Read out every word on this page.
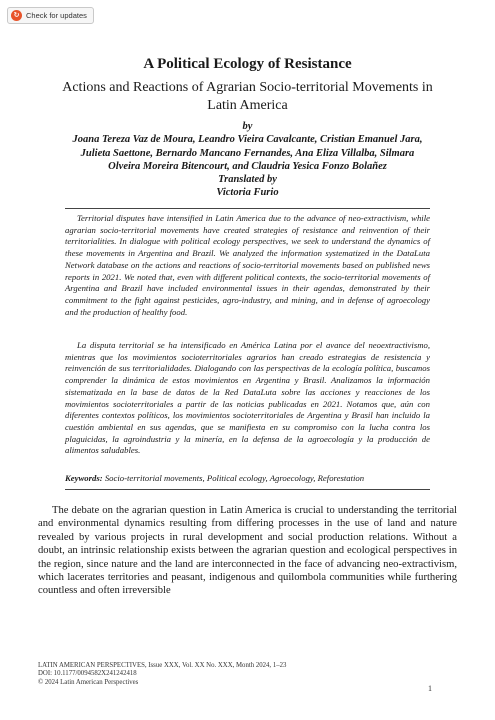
↻ Check for updates
A Political Ecology of Resistance
Actions and Reactions of Agrarian Socio-territorial Movements in Latin America
by
Joana Tereza Vaz de Moura, Leandro Vieira Cavalcante, Cristian Emanuel Jara,
Julieta Saettone, Bernardo Mancano Fernandes, Ana Eliza Villalba, Silmara
Olveira Moreira Bitencourt, and Claudria Yesica Fonzo Bolañez
Translated by
Victoria Furio

Territorial disputes have intensified in Latin America due to the advance of neo-extractivism, while agrarian socio-territorial movements have created strategies of resistance and reinvention of their territorialities. In dialogue with political ecology perspectives, we seek to understand the dynamics of these movements in Argentina and Brazil. We analyzed the information systematized in the DataLuta Network database on the actions and reactions of socio-territorial movements based on published news reports in 2021. We noted that, even with different political contexts, the socio-territorial movements of Argentina and Brazil have included environmental issues in their agendas, demonstrated by their commitment to the fight against pesticides, agro-industry, and mining, and in defense of agroecology and the production of healthy food.

La disputa territorial se ha intensificado en América Latina por el avance del neoextractivismo, mientras que los movimientos socioterritoriales agrarios han creado estrategias de resistencia y reinvención de sus territorialidades. Dialogando con las perspectivas de la ecología política, buscamos comprender la dinámica de estos movimientos en Argentina y Brasil. Analizamos la información sistematizada en la base de datos de la Red DataLuta sobre las acciones y reacciones de los movimientos socioterritoriales a partir de las noticias publicadas en 2021. Notamos que, aún con diferentes contextos políticos, los movimientos socioterritoriales de Argentina y Brasil han incluido la cuestión ambiental en sus agendas, que se manifiesta en su compromiso con la lucha contra los plaguicidas, la agroindustria y la minería, en la defensa de la agroecología y la producción de alimentos saludables.

Keywords: Socio-territorial movements, Political ecology, Agroecology, Reforestation

The debate on the agrarian question in Latin America is crucial to understanding the territorial and environmental dynamics resulting from differing processes in the use of land and nature revealed by various projects in rural development and social production relations. Without a doubt, an intrinsic relationship exists between the agrarian question and ecological perspectives in the region, since nature and the land are interconnected in the face of advancing neo-extractivism, which lacerates territories and peasant, indigenous and quilombola communities while furthering countless and often irreversible

LATIN AMERICAN PERSPECTIVES, Issue XXX, Vol. XX No. XXX, Month 2024, 1–23
DOI: 10.1177/0094582X241242418
© 2024 Latin American Perspectives
1
